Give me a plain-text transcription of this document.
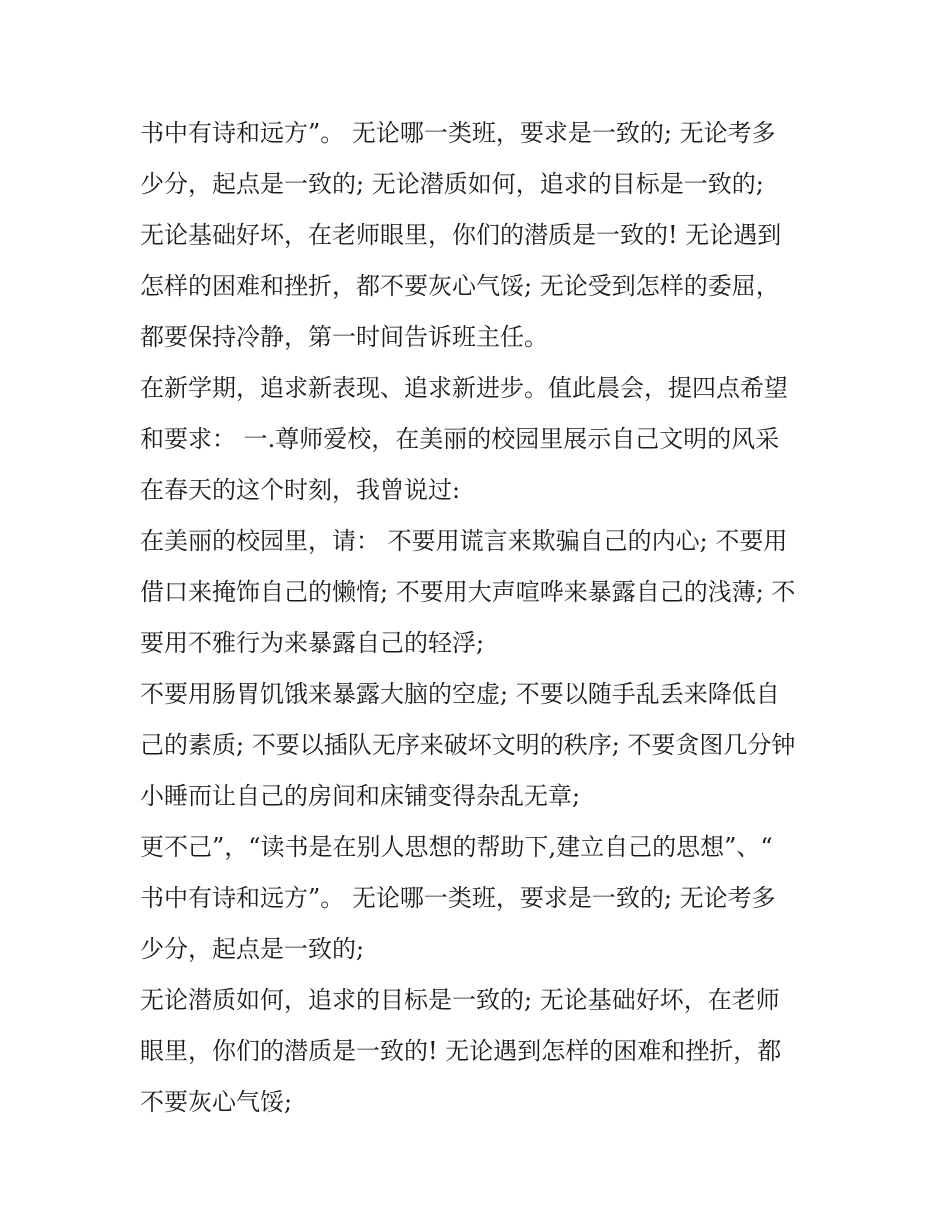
书中有诗和远方”。 无论哪一类班，要求是一致的; 无论考多
少分，起点是一致的; 无论潜质如何，追求的目标是一致的;
无论基础好坏，在老师眼里，你们的潜质是一致的! 无论遇到
怎样的困难和挫折，都不要灰心气馁; 无论受到怎样的委屈，
都要保持冷静，第一时间告诉班主任。
在新学期，追求新表现、追求新进步。值此晨会，提四点希望
和要求： 一.尊师爱校，在美丽的校园里展示自己文明的风采
在春天的这个时刻，我曾说过:
在美丽的校园里，请： 不要用谎言来欺骗自己的内心; 不要用
借口来掩饰自己的懒惰; 不要用大声喧哗来暴露自己的浅薄; 不
要用不雅行为来暴露自己的轻浮;
不要用肠胃饥饿来暴露大脑的空虚; 不要以随手乱丢来降低自
己的素质; 不要以插队无序来破坏文明的秩序; 不要贪图几分钟
小睡而让自己的房间和床铺变得杂乱无章;
更不己”，“读书是在别人思想的帮助下,建立自己的思想”、“
书中有诗和远方”。 无论哪一类班，要求是一致的; 无论考多
少分，起点是一致的;
无论潜质如何，追求的目标是一致的; 无论基础好坏，在老师
眼里，你们的潜质是一致的! 无论遇到怎样的困难和挫折，都
不要灰心气馁;
